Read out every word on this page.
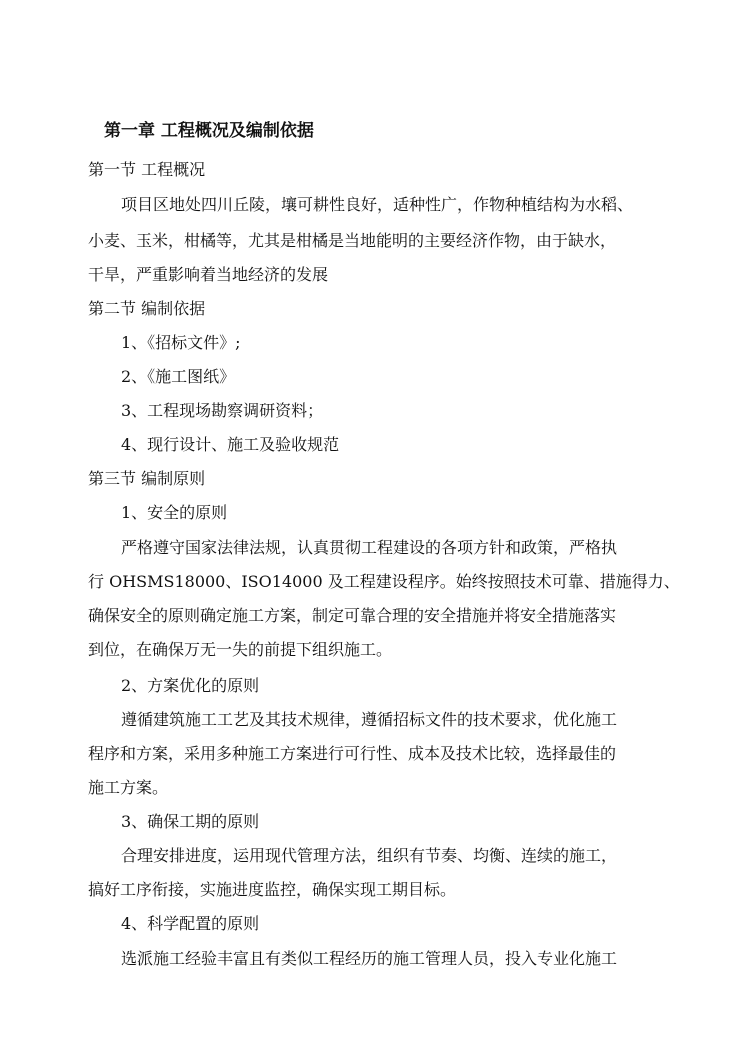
第一章 工程概况及编制依据
第一节 工程概况
项目区地处四川丘陵，壤可耕性良好，适种性广，作物种植结构为水稻、
小麦、玉米，柑橘等，尤其是柑橘是当地能明的主要经济作物，由于缺水，
干旱，严重影响着当地经济的发展
第二节 编制依据
1、《招标文件》;
2、《施工图纸》
3、工程现场勘察调研资料；
4、现行设计、施工及验收规范
第三节 编制原则
1、安全的原则
严格遵守国家法律法规，认真贯彻工程建设的各项方针和政策，严格执
行 OHSMS18000、ISO14000 及工程建设程序。始终按照技术可靠、措施得力、
确保安全的原则确定施工方案，制定可靠合理的安全措施并将安全措施落实
到位，在确保万无一失的前提下组织施工。
2、方案优化的原则
遵循建筑施工工艺及其技术规律，遵循招标文件的技术要求，优化施工
程序和方案，采用多种施工方案进行可行性、成本及技术比较，选择最佳的
施工方案。
3、确保工期的原则
合理安排进度，运用现代管理方法，组织有节奏、均衡、连续的施工，
搞好工序衔接，实施进度监控，确保实现工期目标。
4、科学配置的原则
选派施工经验丰富且有类似工程经历的施工管理人员，投入专业化施工
